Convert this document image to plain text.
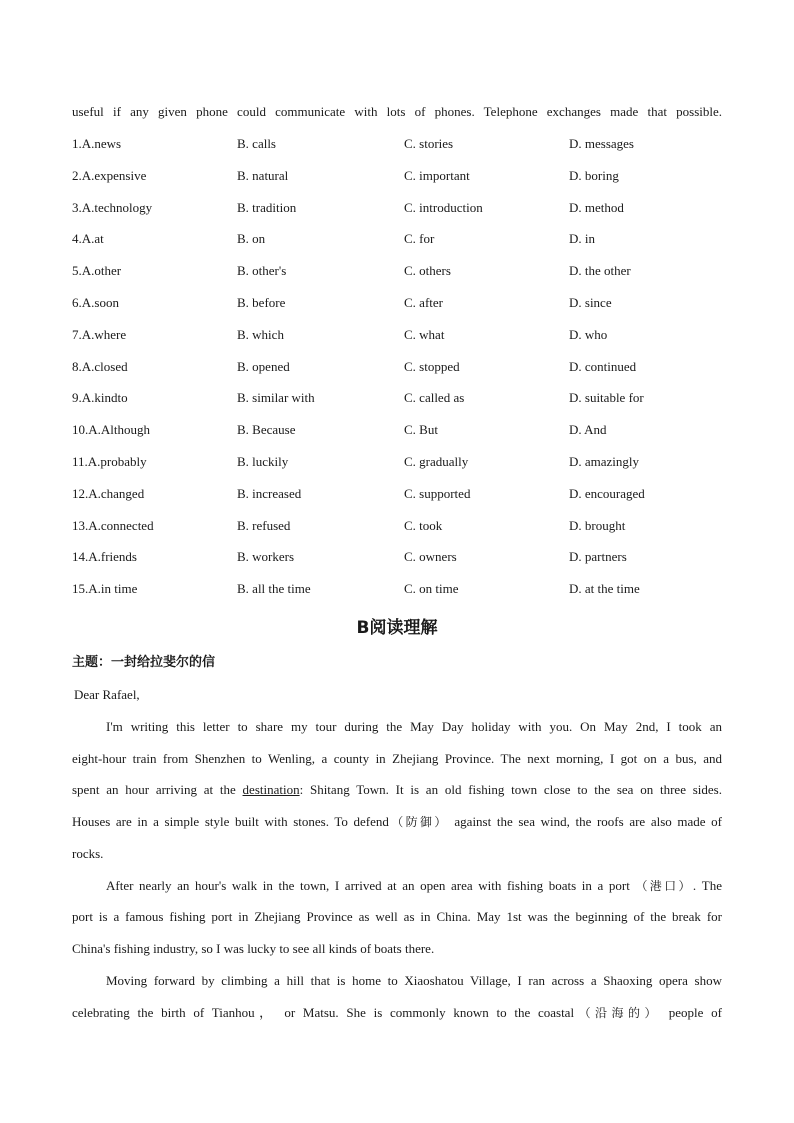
useful if any given phone could communicate with lots of phones. Telephone exchanges made that possible.
1.A.news	B. calls	C. stories	D. messages
2.A.expensive	B. natural	C. important	D. boring
3.A.technology	B. tradition	C. introduction	D. method
4.A.at	B. on	C. for	D. in
5.A.other	B. other's	C. others	D. the other
6.A.soon	B. before	C. after	D. since
7.A.where	B. which	C. what	D. who
8.A.closed	B. opened	C. stopped	D. continued
9.A.kindto	B. similar with	C. called as	D. suitable for
10.A.Although	B. Because	C. But	D. And
11.A.probably	B. luckily	C. gradually	D. amazingly
12.A.changed	B. increased	C. supported	D. encouraged
13.A.connected	B. refused	C. took	D. brought
14.A.friends	B. workers	C. owners	D. partners
15.A.in time	B. all the time	C. on time	D. at the time
B阅读理解
主题：一封给拉斐尔的信
Dear Rafael,
I'm writing this letter to share my tour during the May Day holiday with you. On May 2nd, I took an
eight-hour train from Shenzhen to Wenling, a county in Zhejiang Province. The next morning, I got on a bus, and
spent an hour arriving at the destination: Shitang Town. It is an old fishing town close to the sea on three sides.
Houses are in a simple style built with stones. To defend（防御） against the sea wind, the roofs are also made of
rocks.
After nearly an hour's walk in the town, I arrived at an open area with fishing boats in a port （港口）. The
port is a famous fishing port in Zhejiang Province as well as in China. May 1st was the beginning of the break for
China's fishing industry, so I was lucky to see all kinds of boats there.
Moving forward by climbing a hill that is home to Xiaoshatou Village, I ran across a Shaoxing opera show
celebrating the birth of Tianhou， or Matsu. She is commonly known to the coastal（沿海的） people of
